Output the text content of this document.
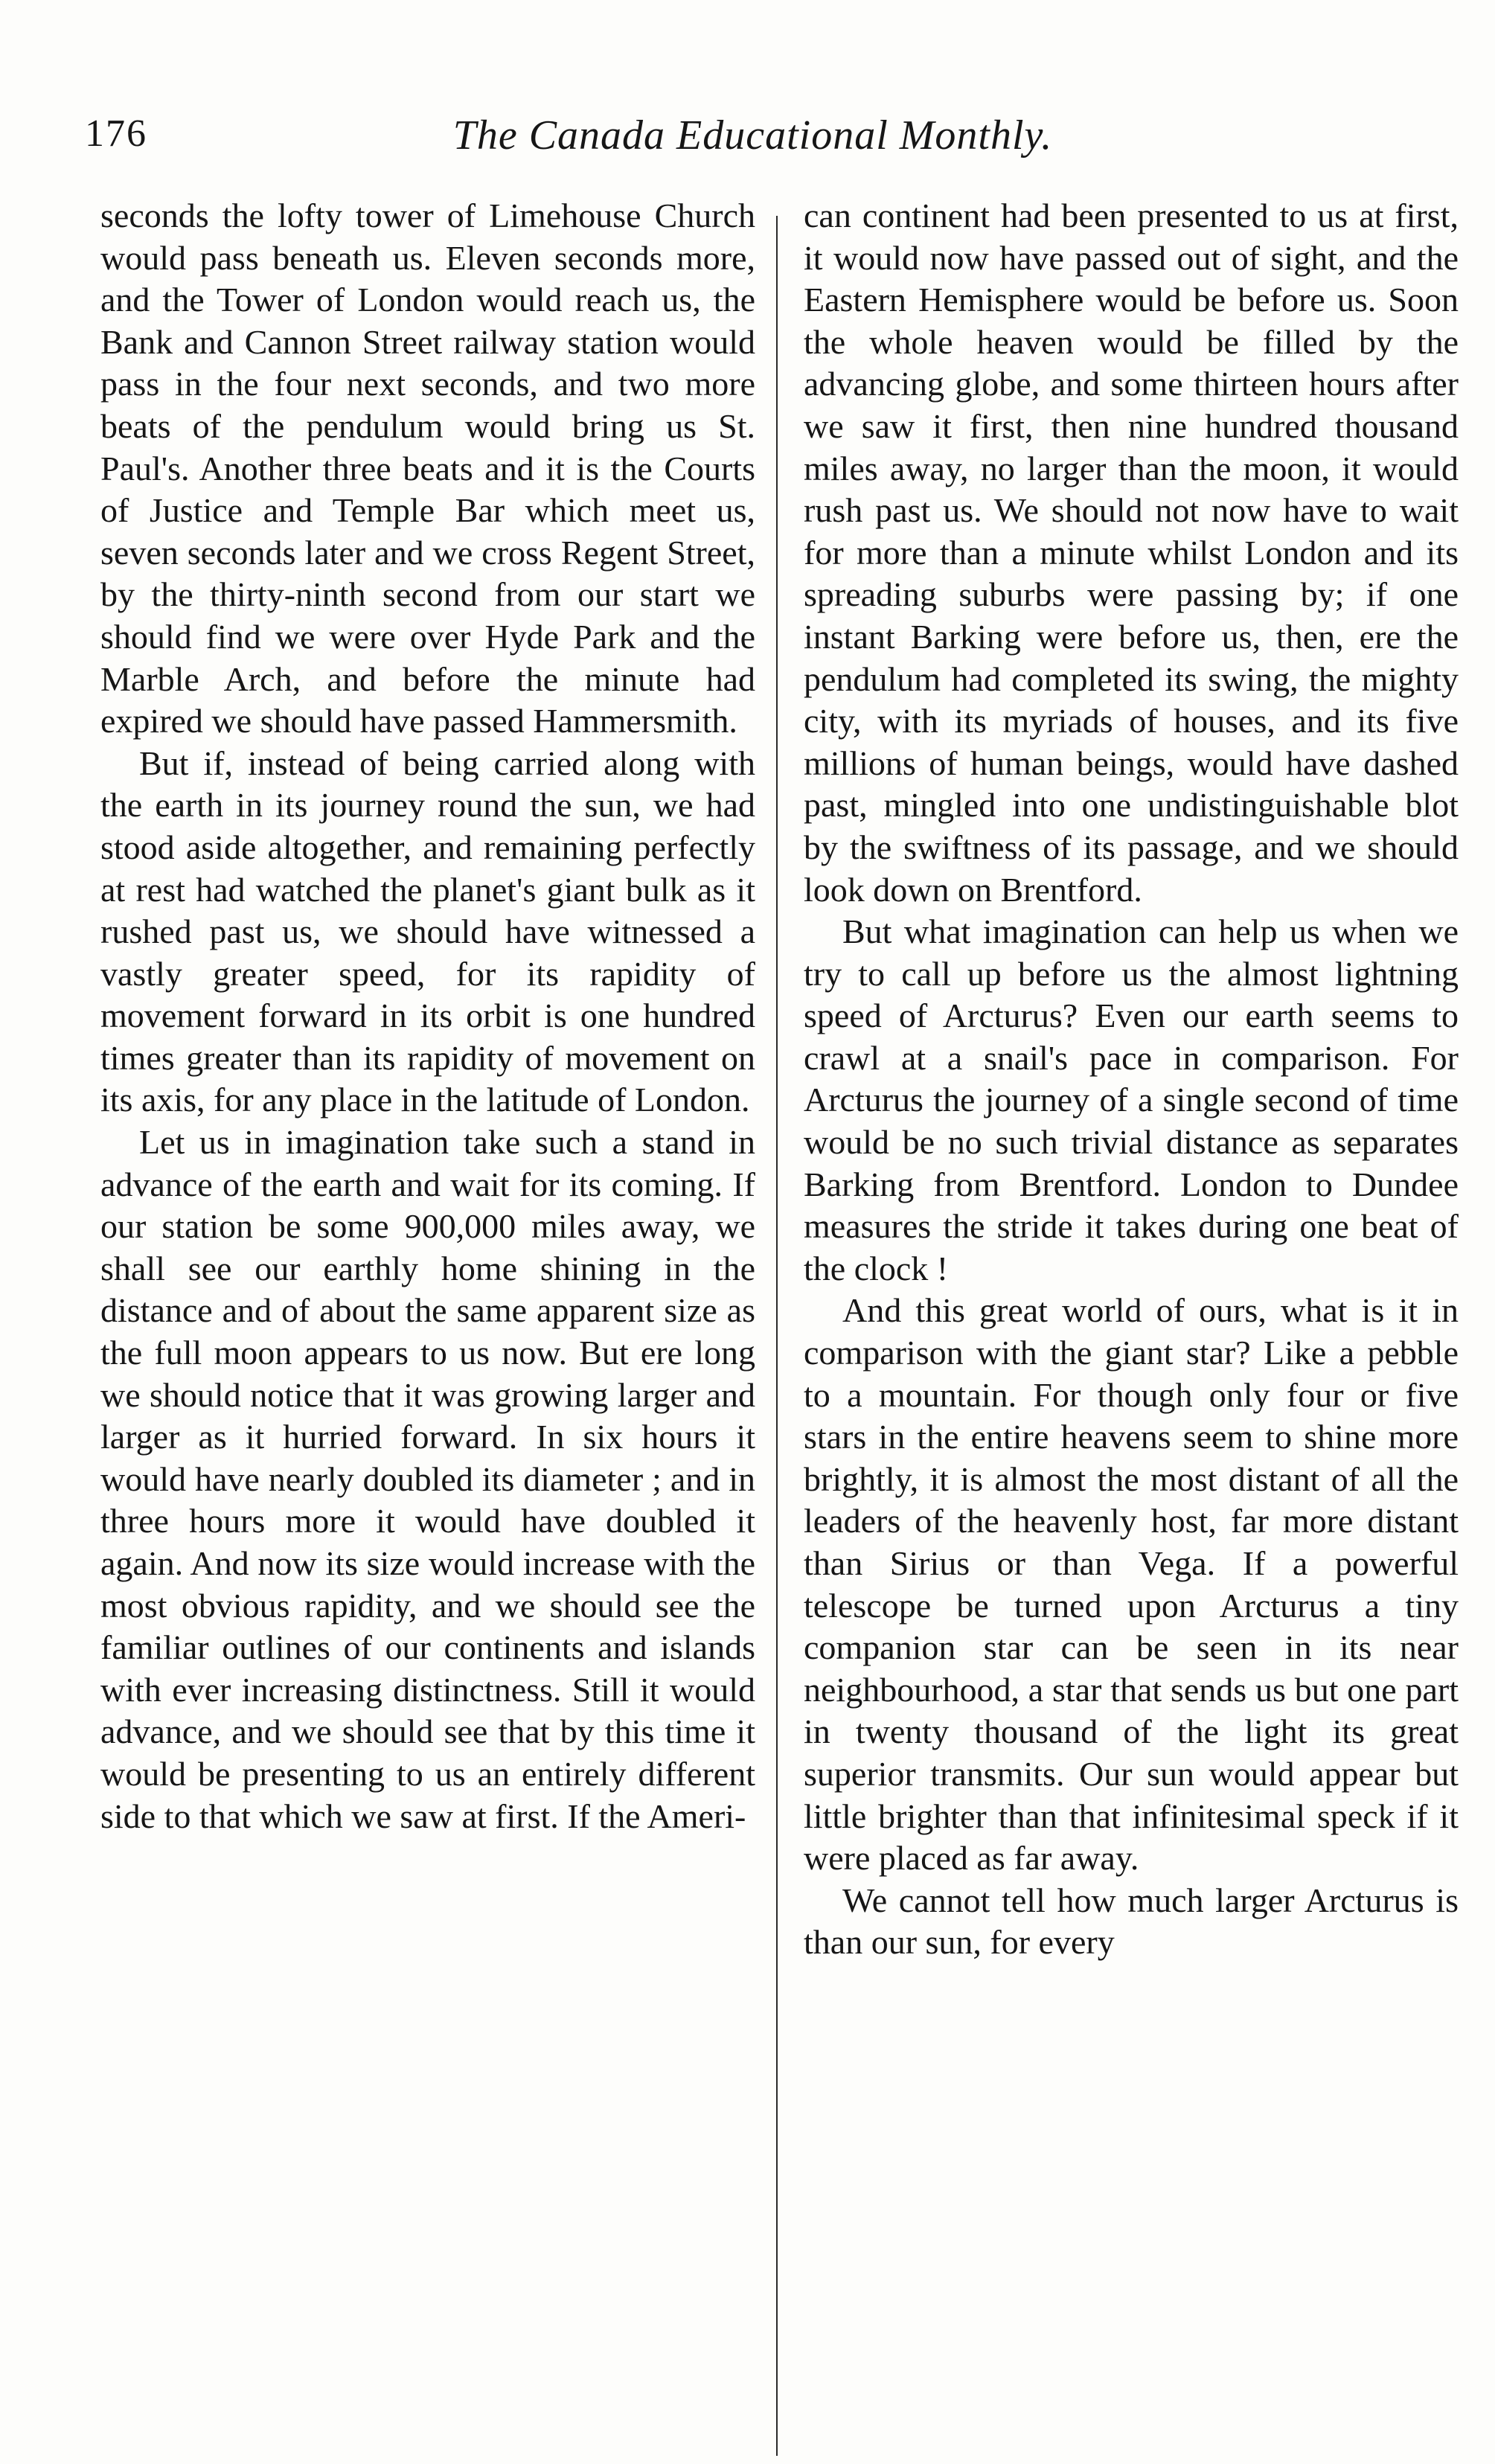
176	The Canada Educational Monthly.

seconds the lofty tower of Limehouse Church would pass beneath us. Eleven seconds more, and the Tower of London would reach us, the Bank and Cannon Street railway station would pass in the four next seconds, and two more beats of the pendulum would bring us St. Paul's. Another three beats and it is the Courts of Justice and Temple Bar which meet us, seven seconds later and we cross Regent Street, by the thirty-ninth second from our start we should find we were over Hyde Park and the Marble Arch, and before the minute had expired we should have passed Hammersmith.

But if, instead of being carried along with the earth in its journey round the sun, we had stood aside altogether, and remaining perfectly at rest had watched the planet's giant bulk as it rushed past us, we should have witnessed a vastly greater speed, for its rapidity of movement forward in its orbit is one hundred times greater than its rapidity of movement on its axis, for any place in the latitude of London.

Let us in imagination take such a stand in advance of the earth and wait for its coming. If our station be some 900,000 miles away, we shall see our earthly home shining in the distance and of about the same apparent size as the full moon appears to us now. But ere long we should notice that it was growing larger and larger as it hurried forward. In six hours it would have nearly doubled its diameter ; and in three hours more it would have doubled it again. And now its size would increase with the most obvious rapidity, and we should see the familiar outlines of our continents and islands with ever increasing distinctness. Still it would advance, and we should see that by this time it would be presenting to us an entirely different side to that which we saw at first. If the Ameri-

can continent had been presented to us at first, it would now have passed out of sight, and the Eastern Hemisphere would be before us. Soon the whole heaven would be filled by the advancing globe, and some thirteen hours after we saw it first, then nine hundred thousand miles away, no larger than the moon, it would rush past us. We should not now have to wait for more than a minute whilst London and its spreading suburbs were passing by; if one instant Barking were before us, then, ere the pendulum had completed its swing, the mighty city, with its myriads of houses, and its five millions of human beings, would have dashed past, mingled into one undistinguishable blot by the swiftness of its passage, and we should look down on Brentford.

But what imagination can help us when we try to call up before us the almost lightning speed of Arcturus? Even our earth seems to crawl at a snail's pace in comparison. For Arcturus the journey of a single second of time would be no such trivial distance as separates Barking from Brentford. London to Dundee measures the stride it takes during one beat of the clock !

And this great world of ours, what is it in comparison with the giant star? Like a pebble to a mountain. For though only four or five stars in the entire heavens seem to shine more brightly, it is almost the most distant of all the leaders of the heavenly host, far more distant than Sirius or than Vega. If a powerful telescope be turned upon Arcturus a tiny companion star can be seen in its near neighbourhood, a star that sends us but one part in twenty thousand of the light its great superior transmits. Our sun would appear but little brighter than that infinitesimal speck if it were placed as far away.

We cannot tell how much larger Arcturus is than our sun, for every
